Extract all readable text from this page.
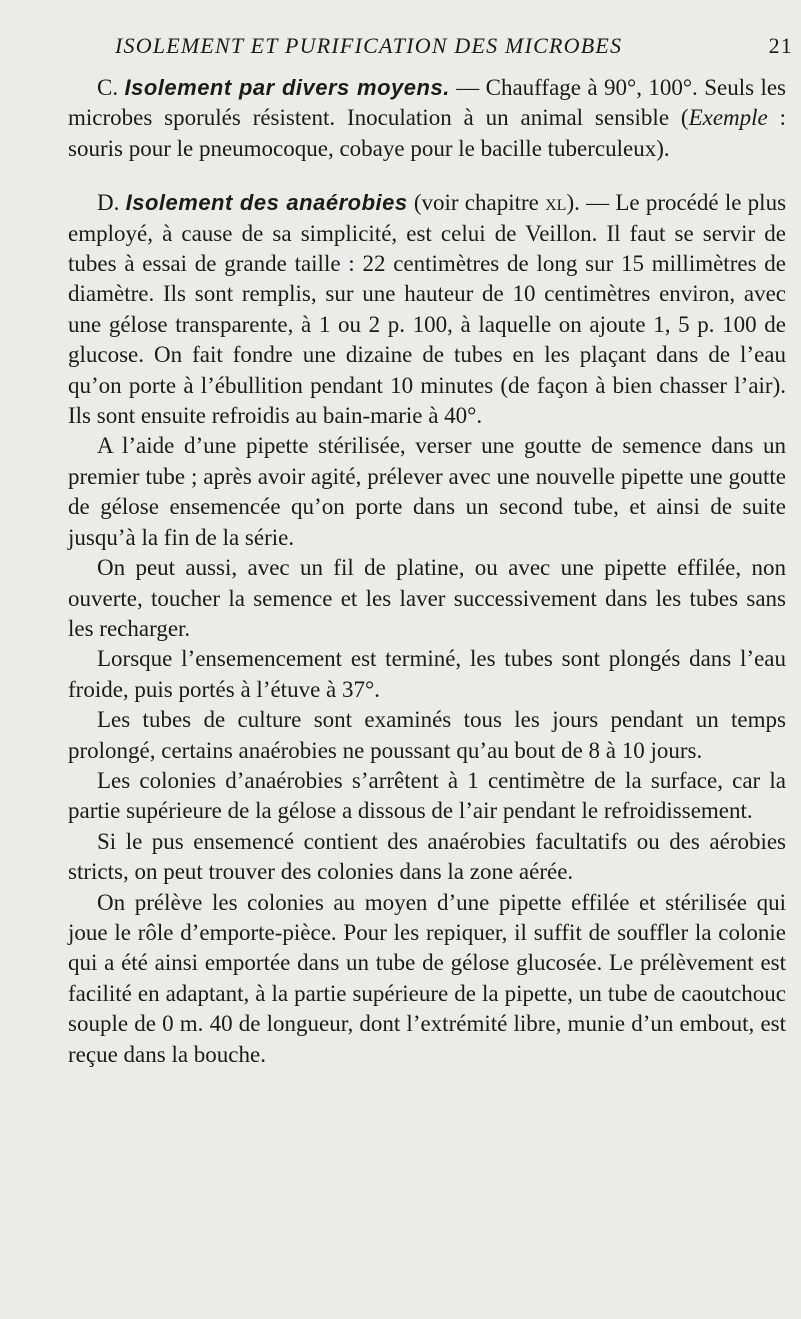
ISOLEMENT ET PURIFICATION DES MICROBES	21

C. Isolement par divers moyens. — Chauffage à 90°, 100°. Seuls les microbes sporulés résistent. Inoculation à un animal sensible (Exemple : souris pour le pneumocoque, cobaye pour le bacille tuberculeux).

D. Isolement des anaérobies (voir chapitre xl). — Le procédé le plus employé, à cause de sa simplicité, est celui de Veillon. Il faut se servir de tubes à essai de grande taille : 22 centimètres de long sur 15 millimètres de diamètre. Ils sont remplis, sur une hauteur de 10 centimètres environ, avec une gélose transparente, à 1 ou 2 p. 100, à laquelle on ajoute 1, 5 p. 100 de glucose. On fait fondre une dizaine de tubes en les plaçant dans de l’eau qu’on porte à l’ébullition pendant 10 minutes (de façon à bien chasser l’air). Ils sont ensuite refroidis au bain-marie à 40°.

A l’aide d’une pipette stérilisée, verser une goutte de semence dans un premier tube ; après avoir agité, prélever avec une nouvelle pipette une goutte de gélose ensemencée qu’on porte dans un second tube, et ainsi de suite jusqu’à la fin de la série.

On peut aussi, avec un fil de platine, ou avec une pipette effilée, non ouverte, toucher la semence et les laver successivement dans les tubes sans les recharger.

Lorsque l’ensemencement est terminé, les tubes sont plongés dans l’eau froide, puis portés à l’étuve à 37°.

Les tubes de culture sont examinés tous les jours pendant un temps prolongé, certains anaérobies ne poussant qu’au bout de 8 à 10 jours.

Les colonies d’anaérobies s’arrêtent à 1 centimètre de la surface, car la partie supérieure de la gélose a dissous de l’air pendant le refroidissement.

Si le pus ensemencé contient des anaérobies facultatifs ou des aérobies stricts, on peut trouver des colonies dans la zone aérée.

On prélève les colonies au moyen d’une pipette effilée et stérilisée qui joue le rôle d’emporte-pièce. Pour les repiquer, il suffit de souffler la colonie qui a été ainsi emportée dans un tube de gélose glucosée. Le prélèvement est facilité en adaptant, à la partie supérieure de la pipette, un tube de caoutchouc souple de 0 m. 40 de longueur, dont l’extrémité libre, munie d’un embout, est reçue dans la bouche.
